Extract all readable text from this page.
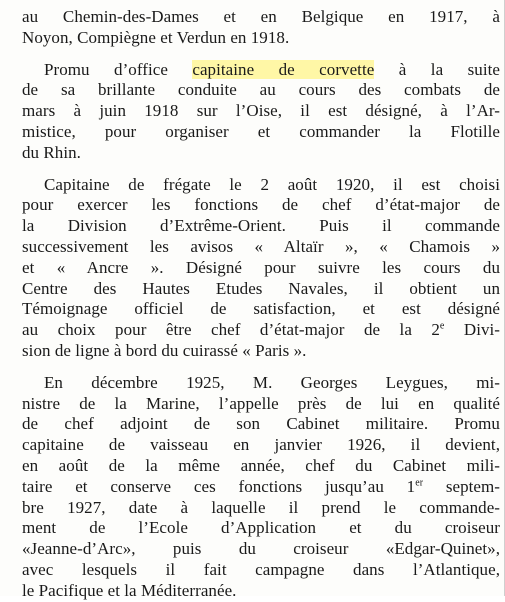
au Chemin-des-Dames et en Belgique en 1917, à
Noyon, Compiègne et Verdun en 1918.
Promu d’office capitaine de corvette à la suite
de sa brillante conduite au cours des combats de
mars à juin 1918 sur l’Oise, il est désigné, à l’Ar-
mistice, pour organiser et commander la Flotille
du Rhin.
Capitaine de frégate le 2 août 1920, il est choisi
pour exercer les fonctions de chef d’état-major de
la Division d’Extrême-Orient. Puis il commande
successivement les avisos « Altaïr », « Chamois »
et « Ancre ». Désigné pour suivre les cours du
Centre des Hautes Etudes Navales, il obtient un
Témoignage officiel de satisfaction, et est désigné
au choix pour être chef d’état-major de la 2e Divi-
sion de ligne à bord du cuirassé « Paris ».
En décembre 1925, M. Georges Leygues, mi-
nistre de la Marine, l’appelle près de lui en qualité
de chef adjoint de son Cabinet militaire. Promu
capitaine de vaisseau en janvier 1926, il devient,
en août de la même année, chef du Cabinet mili-
taire et conserve ces fonctions jusqu’au 1er septem-
bre 1927, date à laquelle il prend le commande-
ment de l’Ecole d’Application et du croiseur
«Jeanne-d’Arc», puis du croiseur «Edgar-Quinet»,
avec lesquels il fait campagne dans l’Atlantique,
le Pacifique et la Méditerranée.
